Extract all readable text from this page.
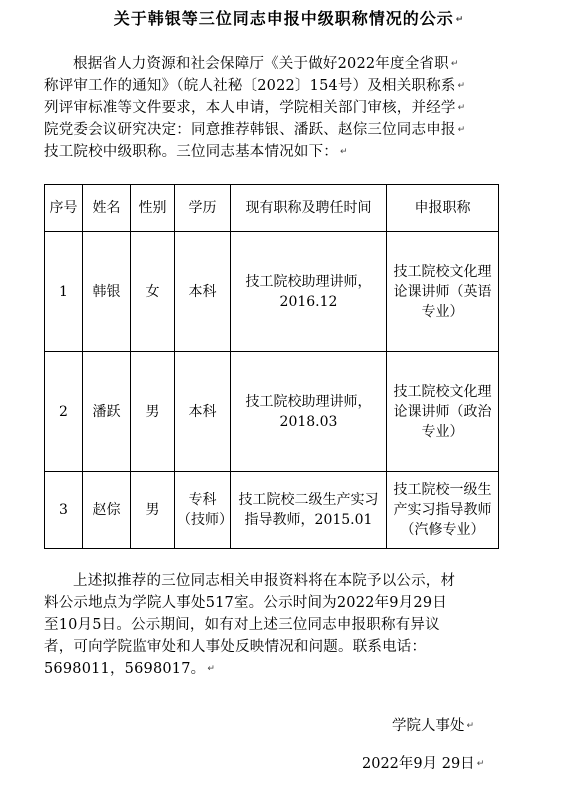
关于韩银等三位同志申报中级职称情况的公示 ↵
根据省人力资源和社会保障厅《关于做好2022年度全省职 ↵
称评审工作的通知》（皖人社秘〔2022〕154号）及相关职称系 ↵
列评审标准等文件要求，本人申请，学院相关部门审核，并经学 ↵
院党委会议研究决定：同意推荐韩银、潘跃、赵倧三位同志申报 ↵
技工院校中级职称。三位同志基本情况如下： ↵
序号	姓名	性别	学历	现有职称及聘任时间	申报职称
1	韩银	女	本科	技工院校助理讲师，2016.12	技工院校文化理论课讲师（英语专业）
2	潘跃	男	本科	技工院校助理讲师，2018.03	技工院校文化理论课讲师（政治专业）
3	赵倧	男	专科（技师）	技工院校二级生产实习指导教师，2015.01	技工院校一级生产实习指导教师（汽修专业）
上述拟推荐的三位同志相关申报资料将在本院予以公示，材
料公示地点为学院人事处517室。公示时间为2022年9月29日
至10月5日。公示期间，如有对上述三位同志申报职称有异议
者，可向学院监审处和人事处反映情况和问题。联系电话：
5698011，5698017。 ↵
学院人事处 ↵
2022年9月 29日 ↵
